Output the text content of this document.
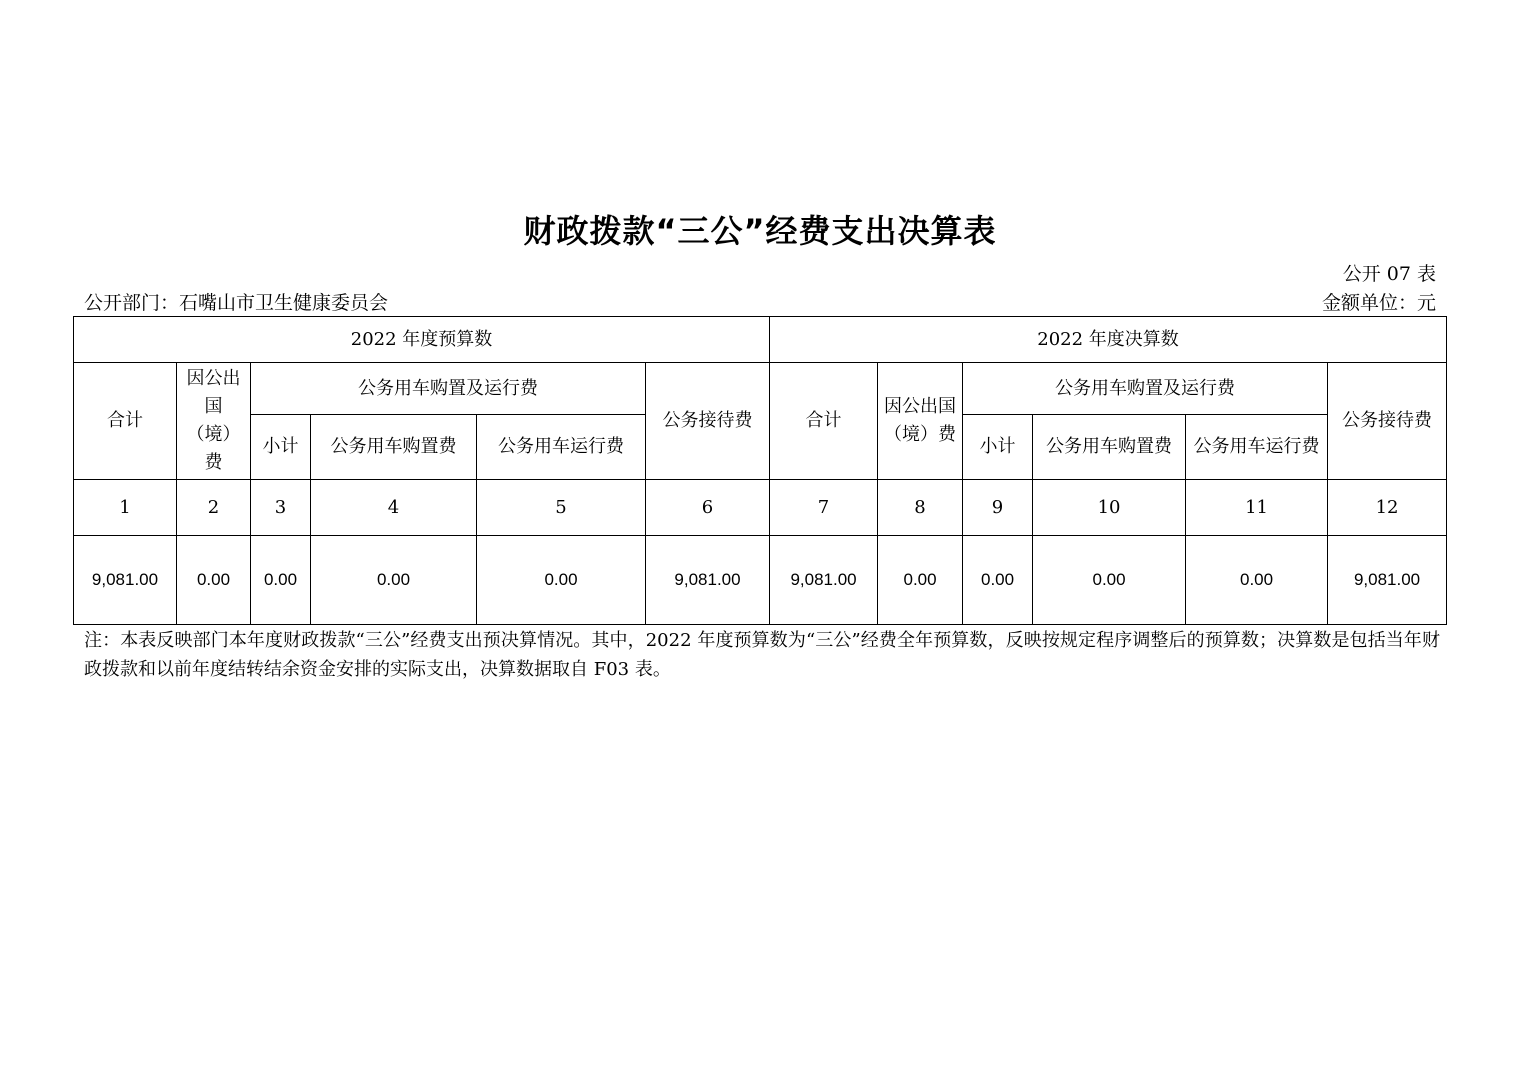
财政拨款“三公”经费支出决算表
公开 07 表
公开部门：石嘴山市卫生健康委员会	金额单位：元
2022 年度预算数						2022 年度决算数					
合计	因公出国（境）费	公务用车购置及运行费			公务接待费	合计	因公出国（境）费	公务用车购置及运行费			公务接待费
		小计	公务用车购置费	公务用车运行费				小计	公务用车购置费	公务用车运行费	
1	2	3	4	5	6	7	8	9	10	11	12
9,081.00	0.00	0.00	0.00	0.00	9,081.00	9,081.00	0.00	0.00	0.00	0.00	9,081.00
注：本表反映部门本年度财政拨款“三公”经费支出预决算情况。其中，2022 年度预算数为“三公”经费全年预算数，反映按规定程序调整后的预算数；决算数是包括当年财政拨款和以前年度结转结余资金安排的实际支出，决算数据取自 F03 表。
